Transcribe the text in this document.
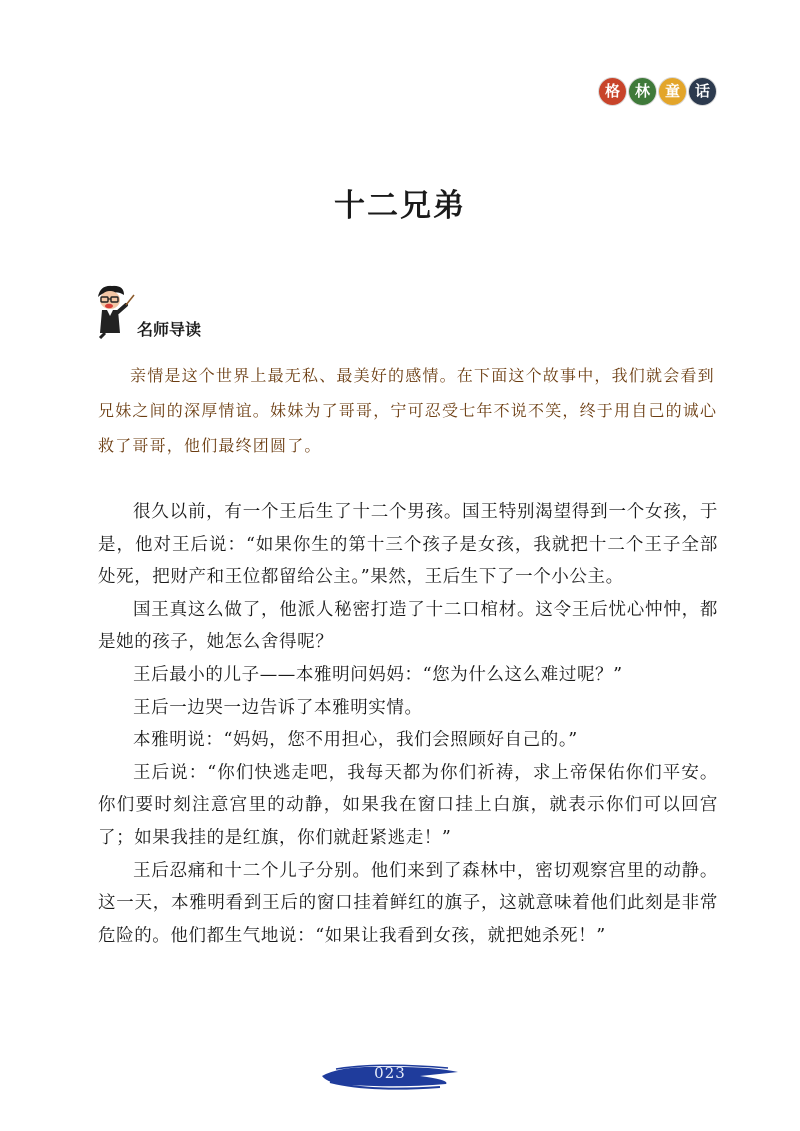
格 林 童 话
十二兄弟
名师导读

亲情是这个世界上最无私、最美好的感情。在下面这个故事中，我们就会看到兄妹之间的深厚情谊。妹妹为了哥哥，宁可忍受七年不说不笑，终于用自己的诚心救了哥哥，他们最终团圆了。

很久以前，有一个王后生了十二个男孩。国王特别渴望得到一个女孩，于是，他对王后说：“如果你生的第十三个孩子是女孩，我就把十二个王子全部处死，把财产和王位都留给公主。”果然，王后生下了一个小公主。

国王真这么做了，他派人秘密打造了十二口棺材。这令王后忧心忡忡，都是她的孩子，她怎么舍得呢？

王后最小的儿子——本雅明问妈妈：“您为什么这么难过呢？”

王后一边哭一边告诉了本雅明实情。

本雅明说：“妈妈，您不用担心，我们会照顾好自己的。”

王后说：“你们快逃走吧，我每天都为你们祈祷，求上帝保佑你们平安。你们要时刻注意宫里的动静，如果我在窗口挂上白旗，就表示你们可以回宫了；如果我挂的是红旗，你们就赶紧逃走！”

王后忍痛和十二个儿子分别。他们来到了森林中，密切观察宫里的动静。这一天，本雅明看到王后的窗口挂着鲜红的旗子，这就意味着他们此刻是非常危险的。他们都生气地说：“如果让我看到女孩，就把她杀死！”

023
